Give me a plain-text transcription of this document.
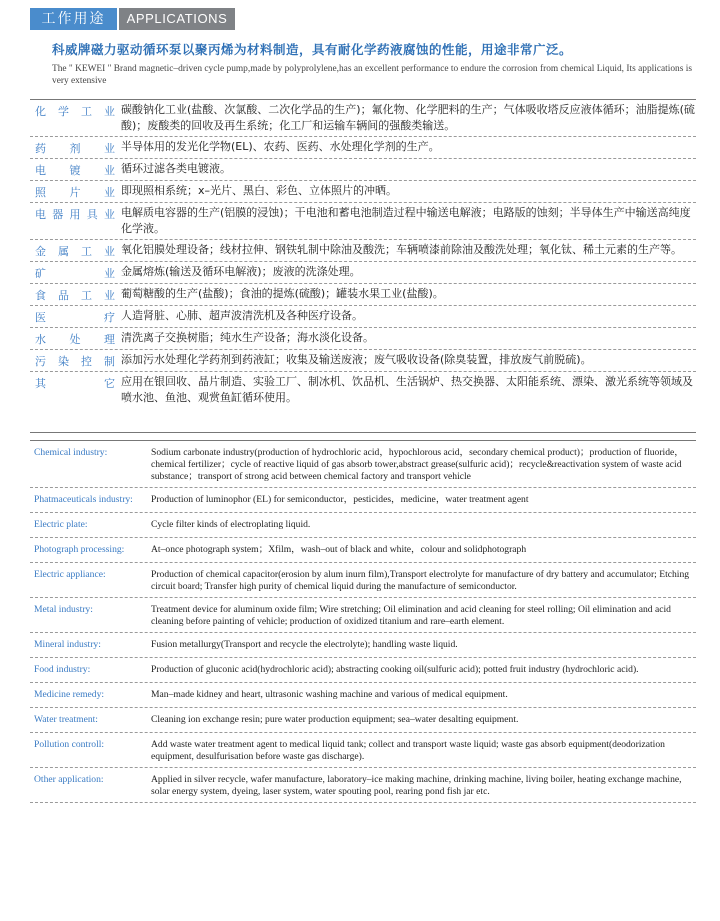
工作用途	APPLICATIONS
科威牌磁力驱动循环泵以聚丙烯为材料制造，具有耐化学药液腐蚀的性能，用途非常广泛。
The " KEWEI " Brand magnetic–driven cycle pump,made by polyprolylene,has an excellent performance to endure the corrosion from chemical Liquid, Its applications is very extensive
化学工业 碳酸钠化工业(盐酸、次氯酸、二次化学品的生产)；氟化物、化学肥料的生产；气体吸收塔反应液体循环；油脂提炼(硫酸)；废酸类的回收及再生系统；化工厂和运输车辆间的强酸类输送。
药剂业 半导体用的发光化学物(EL)、农药、医药、水处理化学剂的生产。
电镀业 循环过滤各类电镀液。
照片业 即现照相系统；x–光片、黑白、彩色、立体照片的冲晒。
电器用具业 电解质电容器的生产(铝膜的浸蚀)；干电池和蓄电池制造过程中输送电解液；电路版的蚀刻；半导体生产中输送高纯度化学液。
金属工业 氧化铝膜处理设备；线材拉伸、钢铁轧制中除油及酸洗；车辆喷漆前除油及酸洗处理；氧化钛、稀土元素的生产等。
矿业 金属熔炼(输送及循环电解液)；废液的洗涤处理。
食品工业 葡萄糖酸的生产(盐酸)；食油的提炼(硫酸)；罐装水果工业(盐酸)。
医疗 人造肾脏、心肺、超声波清洗机及各种医疗设备。
水处理 清洗离子交换树脂；纯水生产设备；海水淡化设备。
污染控制 添加污水处理化学药剂到药液缸；收集及输送废液；废气吸收设备(除臭装置，排放废气前脱硫)。
其它 应用在银回收、晶片制造、实验工厂、制冰机、饮品机、生活锅炉、热交换器、太阳能系统、漂染、激光系统等领域及喷水池、鱼池、观赏鱼缸循环使用。
Chemical industry:	Sodium carbonate industry(production of hydrochloric acid，hypochlorous acid，secondary chemical product)；production of fluoride，chemical fertilizer；cycle of reactive liquid of gas absorb tower,abstract grease(sulfuric acid)；recycle&reactivation system of waste acid substance；transport of strong acid between chemical factory and transport vehicle
Phatmaceuticals industry:	Production of luminophor (EL) for semiconductor，pesticides，medicine，water treatment agent
Electric plate:	Cycle filter kinds of electroplating liquid.
Photograph processing:	At–once photograph system；Xfilm，wash–out of black and white，colour and solidphotograph
Electric appliance:	Production of chemical capacitor(erosion by alum inurn film),Transport electrolyte for manufacture of dry battery and accumulator; Etching circuit board; Transfer high purity of chemical liquid during the manufacture of semiconductor.
Metal industry:	Treatment device for aluminum oxide film; Wire stretching; Oil elimination and acid cleaning for steel rolling; Oil elimination and acid cleaning before painting of vehicle; production of oxidized titanium and rare–earth element.
Mineral industry:	Fusion metallurgy(Transport and recycle the electrolyte); handling waste liquid.
Food industry:	Production of gluconic acid(hydrochloric acid); abstracting cooking oil(sulfuric acid); potted fruit industry (hydrochloric acid).
Medicine remedy:	Man–made kidney and heart, ultrasonic washing machine and various of medical equipment.
Water treatment:	Cleaning ion exchange resin; pure water production equipment; sea–water desalting equipment.
Pollution controll:	Add waste water treatment agent to medical liquid tank; collect and transport waste liquid; waste gas absorb equipment(deodorization equipment, desulfurisation before waste gas discharge).
Other application:	Applied in silver recycle, wafer manufacture, laboratory–ice making machine, drinking machine, living boiler, heating exchange machine, solar energy system, dyeing, laser system, water spouting pool, rearing pond fish jar etc.
